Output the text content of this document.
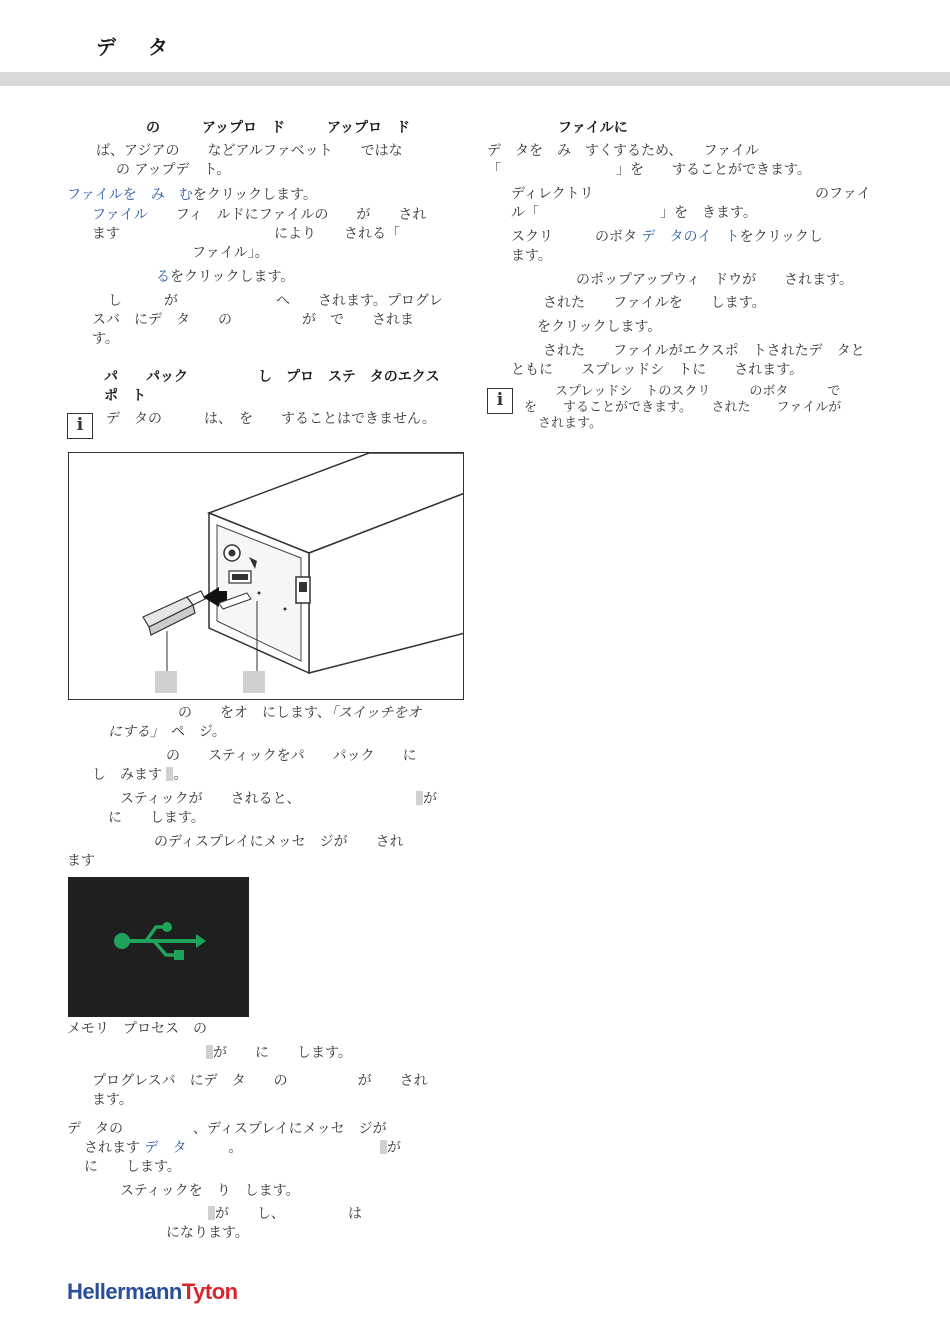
デ　タ
の　　　アップロ　ド　　　アップロ　ド
ば、アジアの　　などアルファベット　　ではな
の アップデ　ト。
ファイルを　み　むをクリックします。
ファイル　　フィ　ルドにファイルの　　が　　され
ます　　　　　　　　　　　により　　される「
ファイル」。
るをクリックします。
し　　　が　　　　　　　へ　　されます。プログレ
スバ　にデ　タ　　の　　　　　が　で　　されま
す。
パ　　パック　　　　　し　プロ　ステ　タのエクス
ポ　ト
i	デ　タの　　　は、　を　　することはできません。
の　　をオ　にします、「スイッチをオ
にする」　ペ　ジ。
の　　スティックをパ　　パック　　に
し　みます 。
スティックが　　されると、	が
に　　します。
のディスプレイにメッセ　ジが　　され
ます
メモリ　プロセス　の
が　　に　　します。
プログレスバ　にデ　タ　　の　　　　　が　　され
ます。
デ　タの　　　　　、ディスプレイにメッセ　ジが
されます デ　タ　　　。	が
に　　します。
スティックを　り　します。
が　　し、　　　　　は
になります。
ファイルに
デ　タを　み　すくするため、　　ファイル
「	」を　　することができます。
ディレクトリ	のファイ
ル「	」を　きます。
スクリ　　　のボタ デ　タのイ　 トをクリックし
ます。
のポップアップウィ　ドウが　　されます。
された　　ファイルを　　します。
をクリックします。
された　　ファイルがエクスポ　トされたデ　タと
ともに　　スプレッドシ　トに　　されます。
i	スプレッドシ　トのスクリ　　　のボタ　　　で
を　　することができます。　　された　　ファイルが
されます。
HellermannTyton
